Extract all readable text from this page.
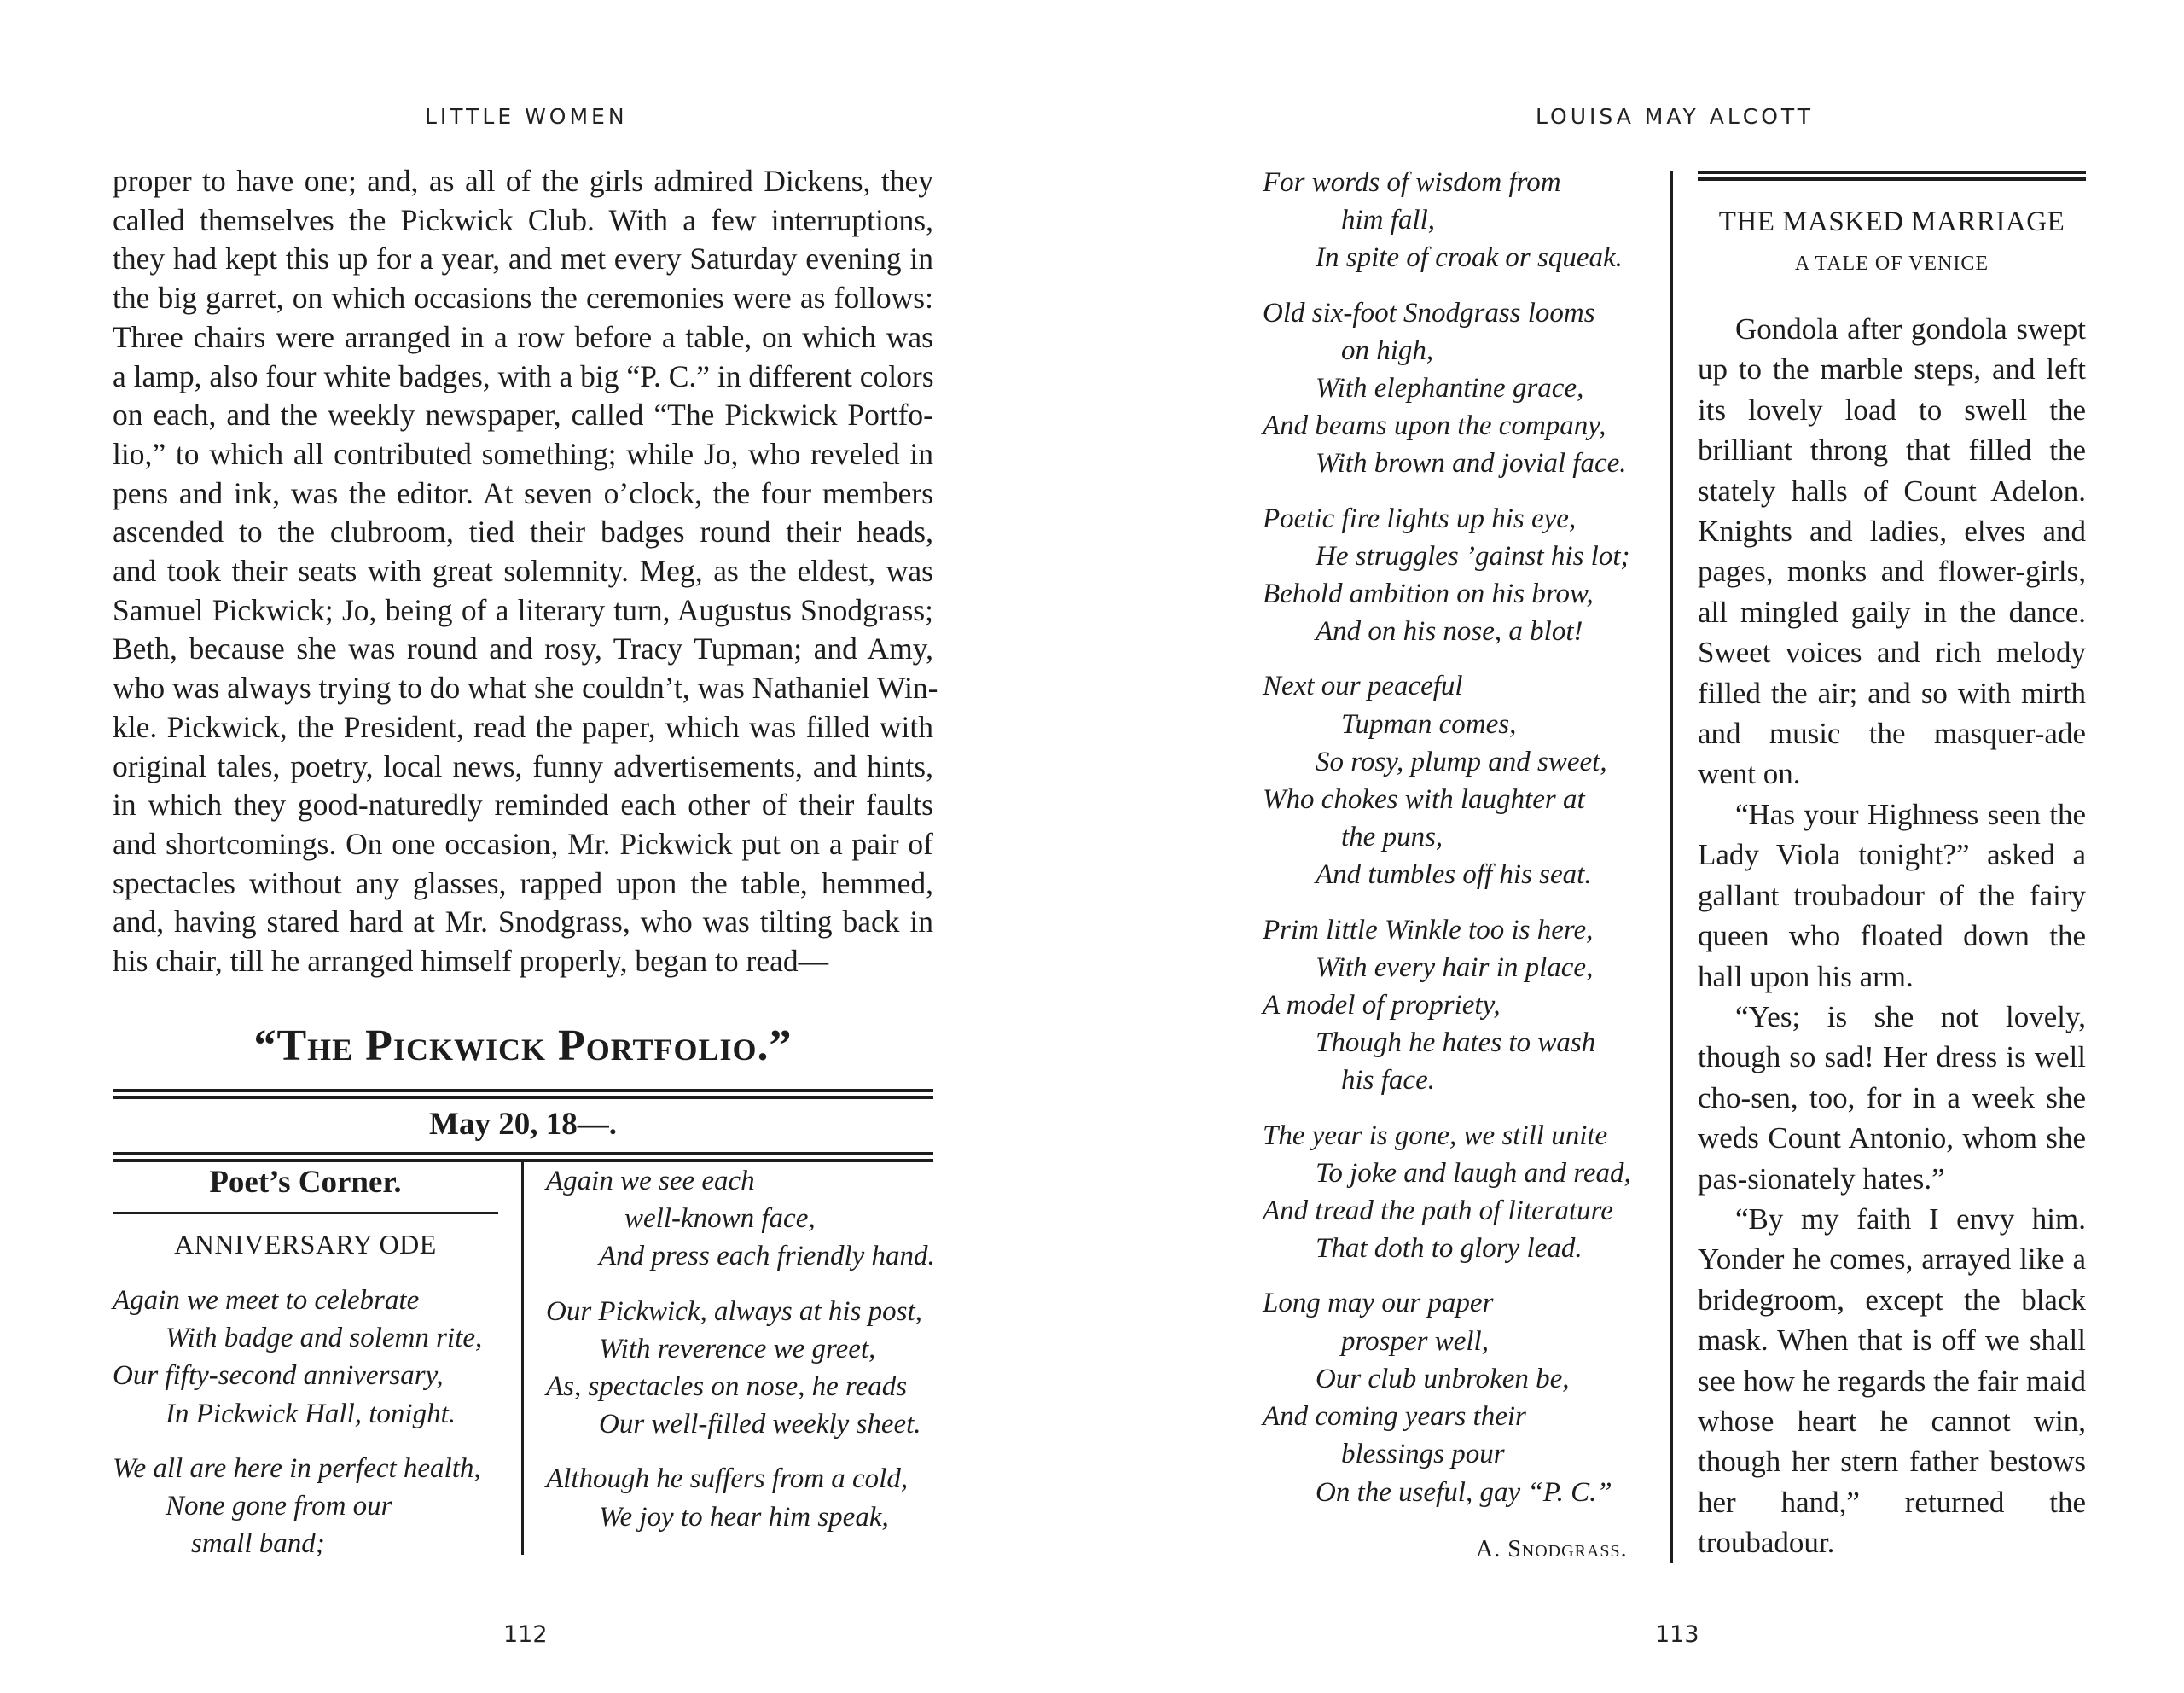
LITTLE WOMEN
proper to have one; and, as all of the girls admired Dickens, they
called themselves the Pickwick Club. With a few interruptions,
they had kept this up for a year, and met every Saturday evening in
the big garret, on which occasions the ceremonies were as follows:
Three chairs were arranged in a row before a table, on which was
a lamp, also four white badges, with a big “P. C.” in different colors
on each, and the weekly newspaper, called “The Pickwick Portfo-
lio,” to which all contributed something; while Jo, who reveled in
pens and ink, was the editor. At seven o’clock, the four members
ascended to the clubroom, tied their badges round their heads,
and took their seats with great solemnity. Meg, as the eldest, was
Samuel Pickwick; Jo, being of a literary turn, Augustus Snodgrass;
Beth, because she was round and rosy, Tracy Tupman; and Amy,
who was always trying to do what she couldn’t, was Nathaniel Win-
kle. Pickwick, the President, read the paper, which was filled with
original tales, poetry, local news, funny advertisements, and hints,
in which they good-naturedly reminded each other of their faults
and shortcomings. On one occasion, Mr. Pickwick put on a pair of
spectacles without any glasses, rapped upon the table, hemmed,
and, having stared hard at Mr. Snodgrass, who was tilting back in
his chair, till he arranged himself properly, began to read—
“The Pickwick Portfolio.”
May 20, 18—.
Poet’s Corner.
ANNIVERSARY ODE
Again we meet to celebrate
With badge and solemn rite,
Our fifty-second anniversary,
In Pickwick Hall, tonight.
We all are here in perfect health,
None gone from our
small band;
Again we see each
well-known face,
And press each friendly hand.
Our Pickwick, always at his post,
With reverence we greet,
As, spectacles on nose, he reads
Our well-filled weekly sheet.
Although he suffers from a cold,
We joy to hear him speak,
112
LOUISA MAY ALCOTT
For words of wisdom from
him fall,
In spite of croak or squeak.
Old six-foot Snodgrass looms
on high,
With elephantine grace,
And beams upon the company,
With brown and jovial face.
Poetic fire lights up his eye,
He struggles ’gainst his lot;
Behold ambition on his brow,
And on his nose, a blot!
Next our peaceful
Tupman comes,
So rosy, plump and sweet,
Who chokes with laughter at
the puns,
And tumbles off his seat.
Prim little Winkle too is here,
With every hair in place,
A model of propriety,
Though he hates to wash
his face.
The year is gone, we still unite
To joke and laugh and read,
And tread the path of literature
That doth to glory lead.
Long may our paper
prosper well,
Our club unbroken be,
And coming years their
blessings pour
On the useful, gay “P. C.”
A. Snodgrass.
THE MASKED MARRIAGE
A TALE OF VENICE

Gondola after gondola swept up to the marble steps, and left its lovely load to swell the brilliant throng that filled the stately halls of Count Adelon. Knights and ladies, elves and pages, monks and flower-girls, all mingled gaily in the dance. Sweet voices and rich melody filled the air; and so with mirth and music the masquer-ade went on.

“Has your Highness seen the Lady Viola tonight?” asked a gallant troubadour of the fairy queen who floated down the hall upon his arm.

“Yes; is she not lovely, though so sad! Her dress is well cho-sen, too, for in a week she weds Count Antonio, whom she pas-sionately hates.”

“By my faith I envy him. Yonder he comes, arrayed like a bridegroom, except the black mask. When that is off we shall see how he regards the fair maid whose heart he cannot win, though her stern father bestows her hand,” returned the troubadour.

113
